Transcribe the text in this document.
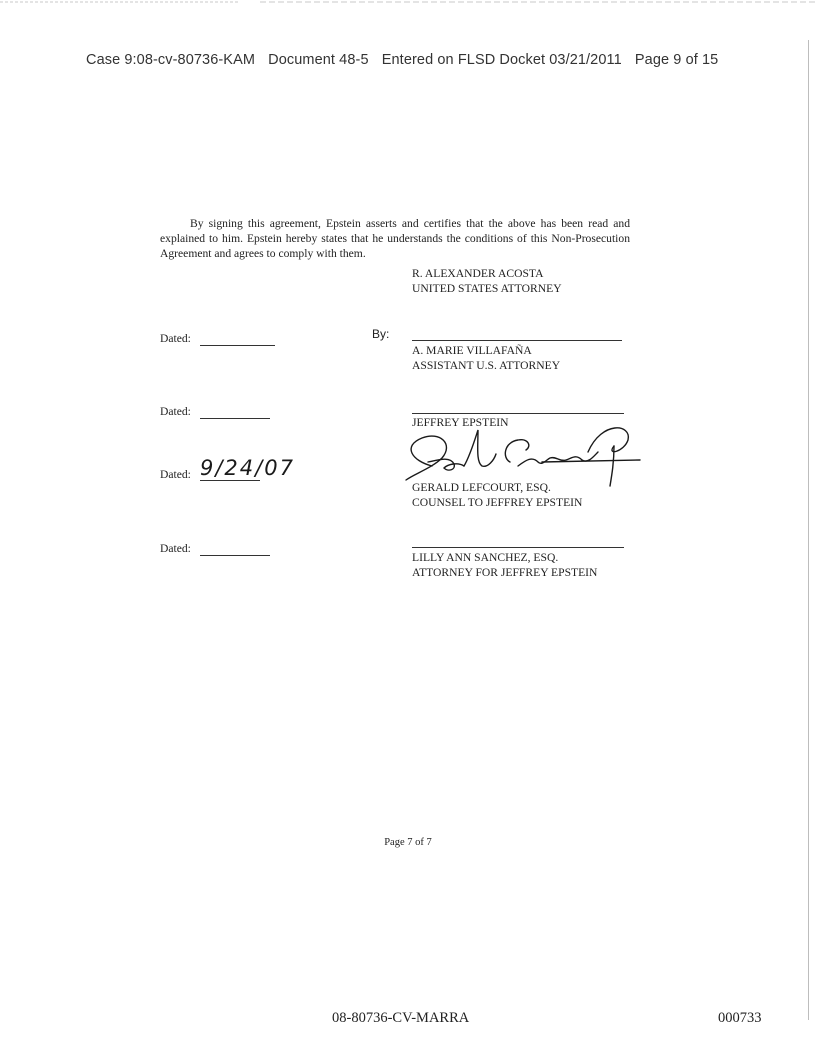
Case 9:08-cv-80736-KAM Document 48-5 Entered on FLSD Docket 03/21/2011 Page 9 of 15

By signing this agreement, Epstein asserts and certifies that the above has been read and explained to him. Epstein hereby states that he understands the conditions of this Non-Prosecution Agreement and agrees to comply with them.

R. ALEXANDER ACOSTA
UNITED STATES ATTORNEY
Dated:	By:
A. MARIE VILLAFAÑA
ASSISTANT U.S. ATTORNEY
Dated:
JEFFREY EPSTEIN
Dated: 9/24/07
GERALD LEFCOURT, ESQ.
COUNSEL TO JEFFREY EPSTEIN
Dated:
LILLY ANN SANCHEZ, ESQ.
ATTORNEY FOR JEFFREY EPSTEIN
Page 7 of 7
08-80736-CV-MARRA	000733
